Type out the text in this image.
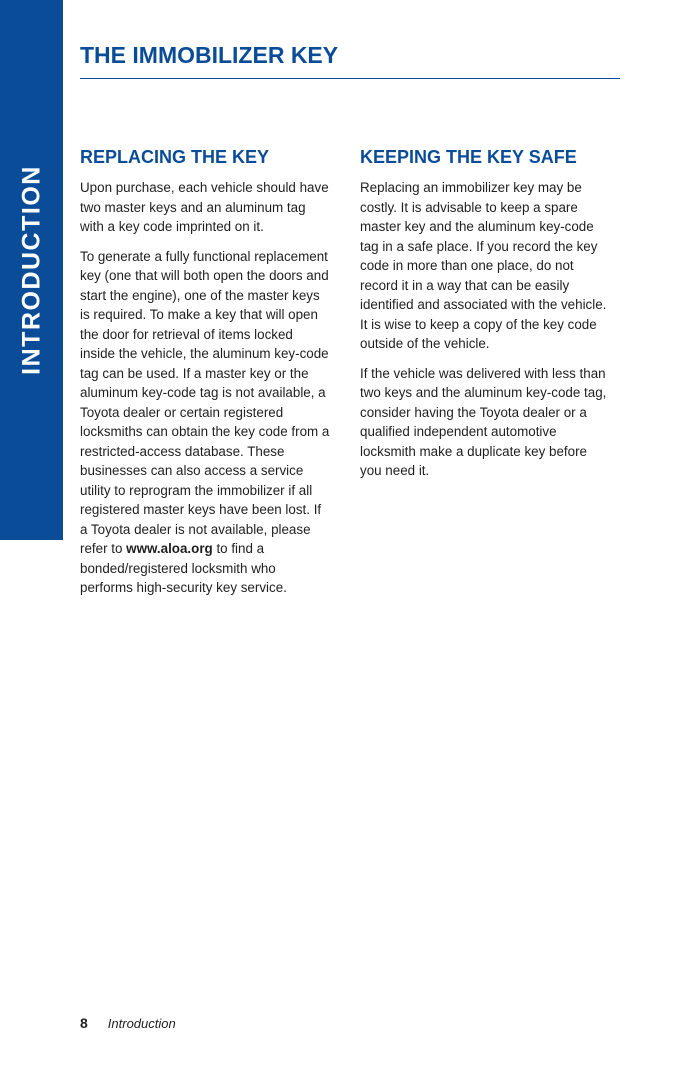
INTRODUCTION
THE IMMOBILIZER KEY
REPLACING THE KEY

Upon purchase, each vehicle should have two master keys and an aluminum tag with a key code imprinted on it.

To generate a fully functional replacement key (one that will both open the doors and start the engine), one of the master keys is required. To make a key that will open the door for retrieval of items locked inside the vehicle, the aluminum key-code tag can be used. If a master key or the aluminum key-code tag is not available, a Toyota dealer or certain registered locksmiths can obtain the key code from a restricted-access database. These businesses can also access a service utility to reprogram the immobilizer if all registered master keys have been lost. If a Toyota dealer is not available, please refer to www.aloa.org to find a bonded/registered locksmith who performs high-security key service.

KEEPING THE KEY SAFE

Replacing an immobilizer key may be costly. It is advisable to keep a spare master key and the aluminum key-code tag in a safe place. If you record the key code in more than one place, do not record it in a way that can be easily identified and associated with the vehicle. It is wise to keep a copy of the key code outside of the vehicle.

If the vehicle was delivered with less than two keys and the aluminum key-code tag, consider having the Toyota dealer or a qualified independent automotive locksmith make a duplicate key before you need it.

8 Introduction
